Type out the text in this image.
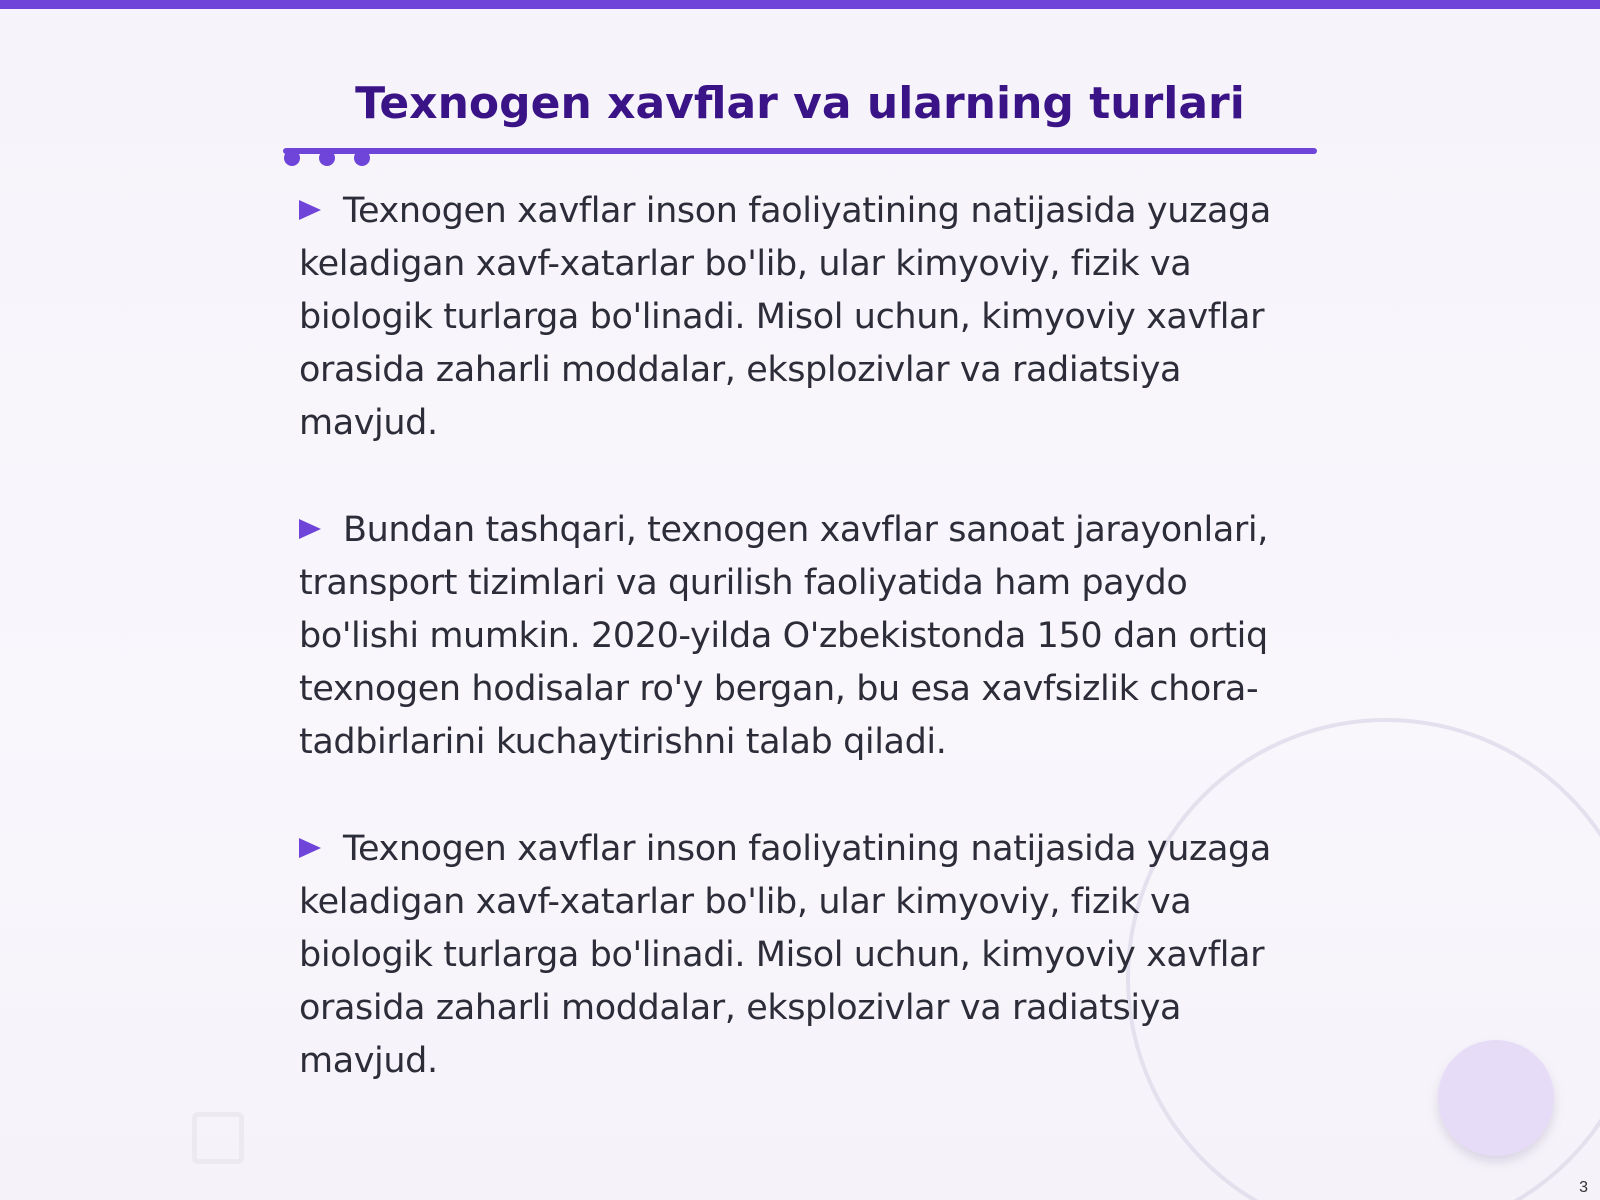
Texnogen xavflar va ularning turlari

Texnogen xavflar inson faoliyatining natijasida yuzaga keladigan xavf-xatarlar bo'lib, ular kimyoviy, fizik va biologik turlarga bo'linadi. Misol uchun, kimyoviy xavflar orasida zaharli moddalar, eksplozivlar va radiatsiya mavjud.

Bundan tashqari, texnogen xavflar sanoat jarayonlari, transport tizimlari va qurilish faoliyatida ham paydo bo'lishi mumkin. 2020-yilda O'zbekistonda 150 dan ortiq texnogen hodisalar ro'y bergan, bu esa xavfsizlik chora-tadbirlarini kuchaytirishni talab qiladi.

Texnogen xavflar inson faoliyatining natijasida yuzaga keladigan xavf-xatarlar bo'lib, ular kimyoviy, fizik va biologik turlarga bo'linadi. Misol uchun, kimyoviy xavflar orasida zaharli moddalar, eksplozivlar va radiatsiya mavjud.

3
